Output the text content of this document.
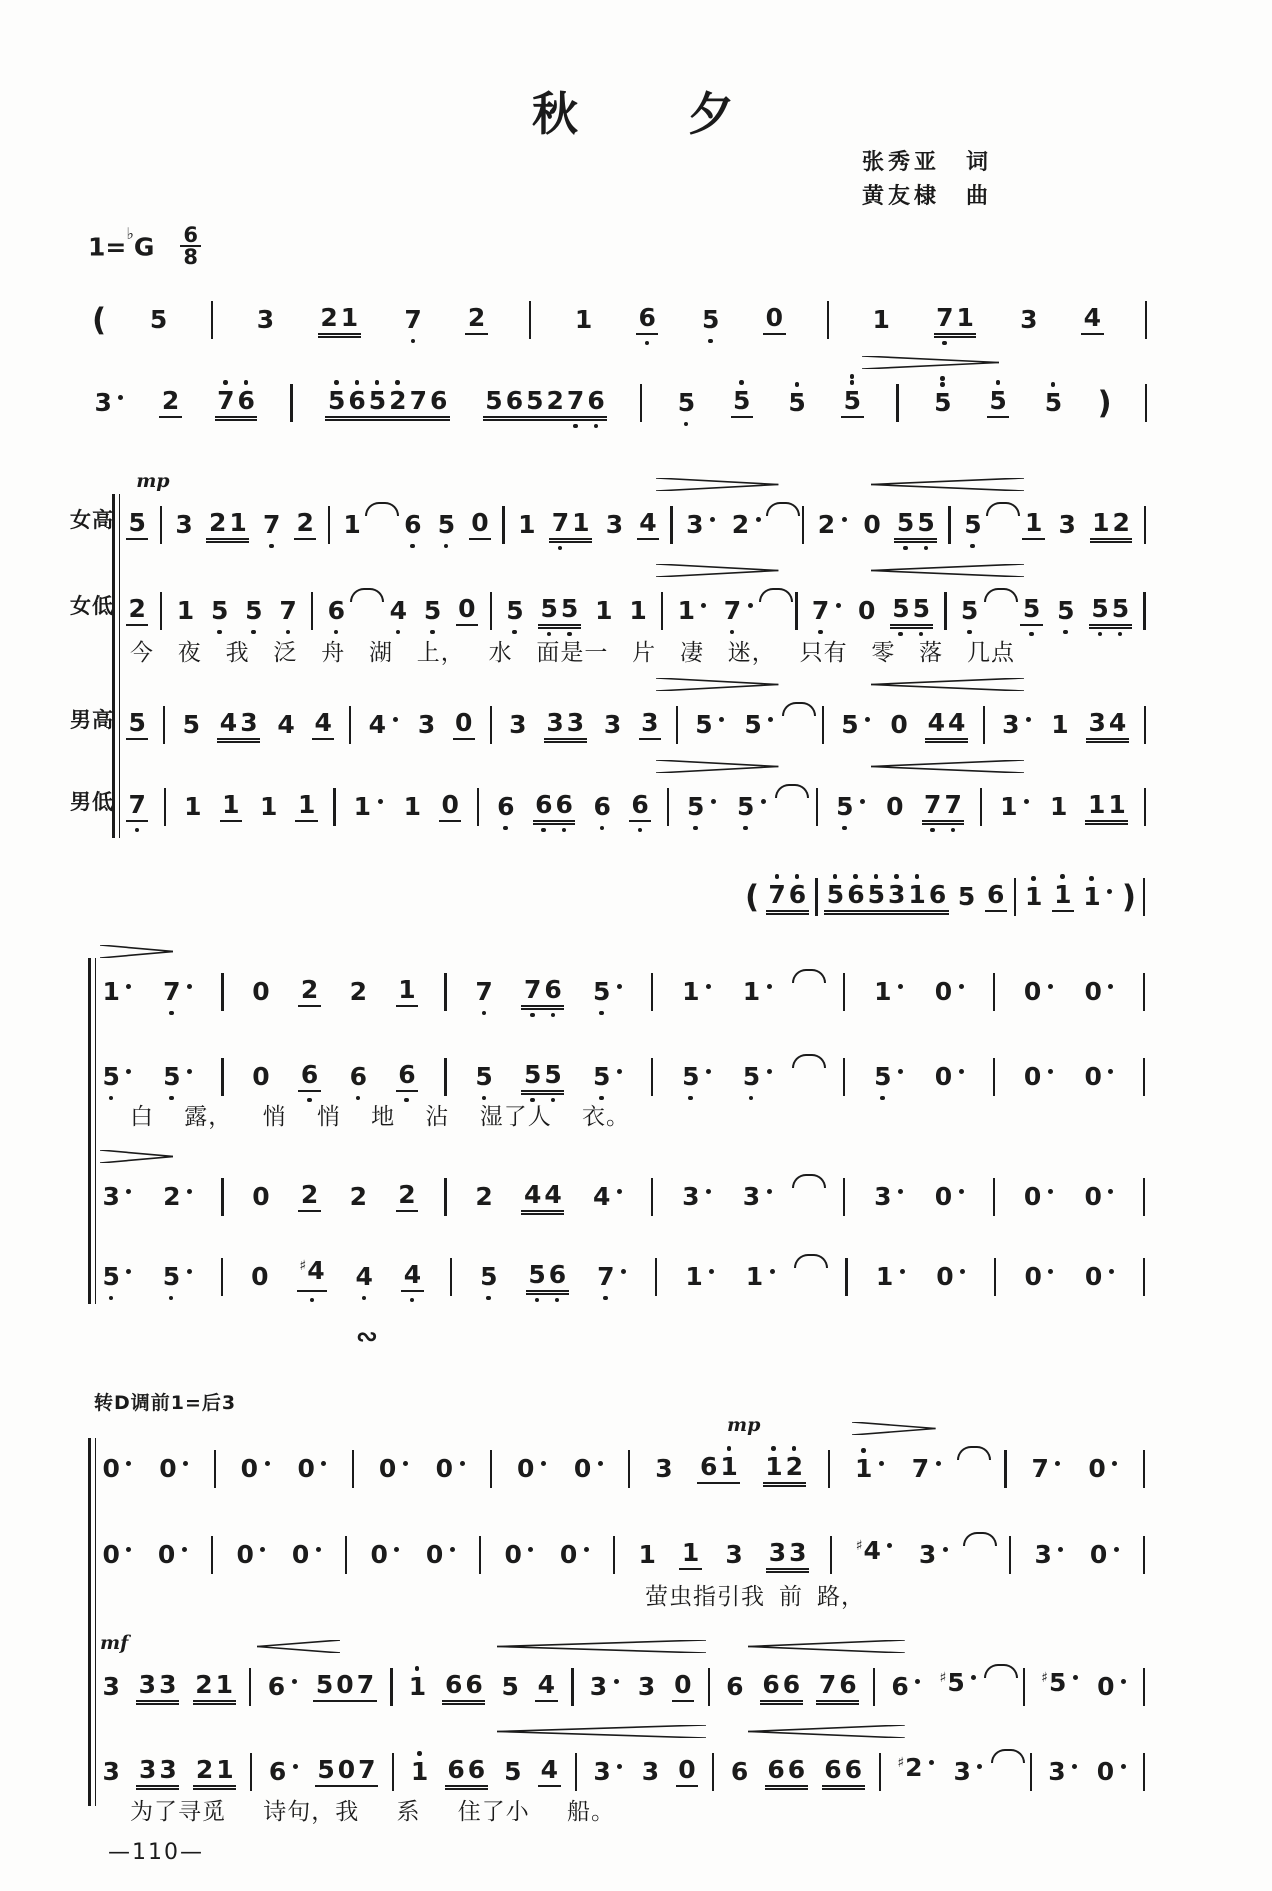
秋　　夕
张秀亚　词
黄友棣　曲
$1=^♭G \frac{6}{8}$
女高
女低
男高
男低
( 5	3 2 1 7 2	1 6 5 0	1 7 1 3 4
3	2 7 6	5 6 5 2 7 6 5 6 5 2 7 6	5 5 5 5	5 5 5 )
5 3 2 1 7 2 1 6 5 0 1 7 1 3 4 3	2	2	0 5 5 5 1 3 1 2
mp
2 1 5 5 7 6 4 5 0 5 5 5 1 1 1	7	7	0 5 5 5 5 5 5 5
5 5 4 3 4 4 4	3 0 3 3 3 3 3 5	5	5	0 4 4 3	1 3 4
7 1 1 1 1 1	1 0 6 6 6 6 6 5	5	5	0 7 7 1	1 1 1
( 7 6 5 6 5 3 1 6 5 6 1 1 1 )
1	7	0 2 2 1 7 7 6 5	1	1	1	0	0	0
5	5	0 6 6 6 5 5 5 5	5	5	5	0	0	0
3	2	0 2 2 2 2 4 4 4	3	3	3	0	0	0
5	5	0 ♯4 4 4 5 5 6 7	1	1	1	0	0	0
0	0	0	0	0	0	0	0	3 6 1 1 2 1	7	7	0
mp
0	0	0	0	0	0	0	0	1 1 3 3 3	♯4	3	3	0
3 3 3 2 1 6	5 0 7 1 6 6 5 4 3	3 0 6 6 6 7 6 6	♯5	♯5	0
mf
3 3 3 2 1 6	5 0 7 1 6 6 5 4 3	3 0 6 6 6 6 6	♯2	3	3	0
今 夜 我 泛 舟 湖 上， 水 面是一 片 凄 迷， 只有 零 落 几点
白 露， 悄 悄 地 沾 湿了人 衣。
萤虫指引我 前 路，
为了寻觅 诗句，我 系 住了小 船。
∾
转D调前1=后3
—110—
